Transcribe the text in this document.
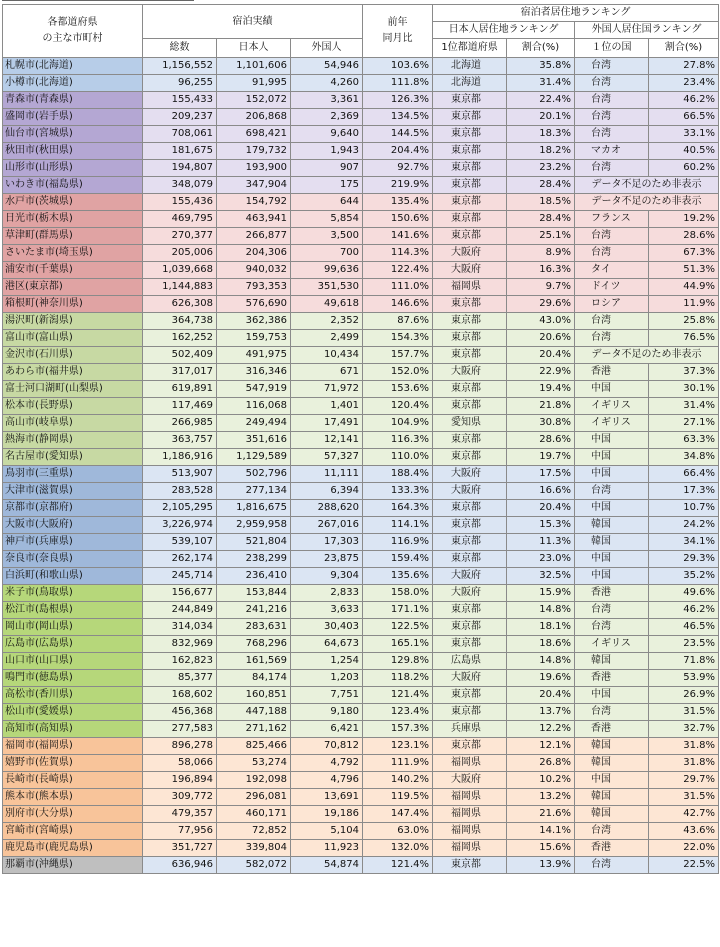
各都道府県
の主な市町村	宿泊実績			前年
同月比	宿泊者居住地ランキング			
					日本人居住地ランキング		外国人居住国ランキング	
	総数	日本人	外国人		1位都道府県	割合(%)	１位の国	割合(%)
札幌市(北海道)	1,156,552	1,101,606	54,946	103.6%	北海道	35.8%	台湾	27.8%
小樽市(北海道)	96,255	91,995	4,260	111.8%	北海道	31.4%	台湾	23.4%
青森市(青森県)	155,433	152,072	3,361	126.3%	東京都	22.4%	台湾	46.2%
盛岡市(岩手県)	209,237	206,868	2,369	134.5%	東京都	20.1%	台湾	66.5%
仙台市(宮城県)	708,061	698,421	9,640	144.5%	東京都	18.3%	台湾	33.1%
秋田市(秋田県)	181,675	179,732	1,943	204.4%	東京都	18.2%	マカオ	40.5%
山形市(山形県)	194,807	193,900	907	92.7%	東京都	23.2%	台湾	60.2%
いわき市(福島県)	348,079	347,904	175	219.9%	東京都	28.4%	データ不足のため非表示	
水戸市(茨城県)	155,436	154,792	644	135.4%	東京都	18.5%	データ不足のため非表示	
日光市(栃木県)	469,795	463,941	5,854	150.6%	東京都	28.4%	フランス	19.2%
草津町(群馬県)	270,377	266,877	3,500	141.6%	東京都	25.1%	台湾	28.6%
さいたま市(埼玉県)	205,006	204,306	700	114.3%	大阪府	8.9%	台湾	67.3%
浦安市(千葉県)	1,039,668	940,032	99,636	122.4%	大阪府	16.3%	タイ	51.3%
港区(東京都)	1,144,883	793,353	351,530	111.0%	福岡県	9.7%	ドイツ	44.9%
箱根町(神奈川県)	626,308	576,690	49,618	146.6%	東京都	29.6%	ロシア	11.9%
湯沢町(新潟県)	364,738	362,386	2,352	87.6%	東京都	43.0%	台湾	25.8%
富山市(富山県)	162,252	159,753	2,499	154.3%	東京都	20.6%	台湾	76.5%
金沢市(石川県)	502,409	491,975	10,434	157.7%	東京都	20.4%	データ不足のため非表示	
あわら市(福井県)	317,017	316,346	671	152.0%	大阪府	22.9%	香港	37.3%
富士河口湖町(山梨県)	619,891	547,919	71,972	153.6%	東京都	19.4%	中国	30.1%
松本市(長野県)	117,469	116,068	1,401	120.4%	東京都	21.8%	イギリス	31.4%
高山市(岐阜県)	266,985	249,494	17,491	104.9%	愛知県	30.8%	イギリス	27.1%
熱海市(静岡県)	363,757	351,616	12,141	116.3%	東京都	28.6%	中国	63.3%
名古屋市(愛知県)	1,186,916	1,129,589	57,327	110.0%	東京都	19.7%	中国	34.8%
鳥羽市(三重県)	513,907	502,796	11,111	188.4%	大阪府	17.5%	中国	66.4%
大津市(滋賀県)	283,528	277,134	6,394	133.3%	大阪府	16.6%	台湾	17.3%
京都市(京都府)	2,105,295	1,816,675	288,620	164.3%	東京都	20.4%	中国	10.7%
大阪市(大阪府)	3,226,974	2,959,958	267,016	114.1%	東京都	15.3%	韓国	24.2%
神戸市(兵庫県)	539,107	521,804	17,303	116.9%	東京都	11.3%	韓国	34.1%
奈良市(奈良県)	262,174	238,299	23,875	159.4%	東京都	23.0%	中国	29.3%
白浜町(和歌山県)	245,714	236,410	9,304	135.6%	大阪府	32.5%	中国	35.2%
米子市(鳥取県)	156,677	153,844	2,833	158.0%	大阪府	15.9%	香港	49.6%
松江市(島根県)	244,849	241,216	3,633	171.1%	東京都	14.8%	台湾	46.2%
岡山市(岡山県)	314,034	283,631	30,403	122.5%	東京都	18.1%	台湾	46.5%
広島市(広島県)	832,969	768,296	64,673	165.1%	東京都	18.6%	イギリス	23.5%
山口市(山口県)	162,823	161,569	1,254	129.8%	広島県	14.8%	韓国	71.8%
鳴門市(徳島県)	85,377	84,174	1,203	118.2%	大阪府	19.6%	香港	53.9%
高松市(香川県)	168,602	160,851	7,751	121.4%	東京都	20.4%	中国	26.9%
松山市(愛媛県)	456,368	447,188	9,180	123.4%	東京都	13.7%	台湾	31.5%
高知市(高知県)	277,583	271,162	6,421	157.3%	兵庫県	12.2%	香港	32.7%
福岡市(福岡県)	896,278	825,466	70,812	123.1%	東京都	12.1%	韓国	31.8%
嬉野市(佐賀県)	58,066	53,274	4,792	111.9%	福岡県	26.8%	韓国	31.8%
長崎市(長崎県)	196,894	192,098	4,796	140.2%	大阪府	10.2%	中国	29.7%
熊本市(熊本県)	309,772	296,081	13,691	119.5%	福岡県	13.2%	韓国	31.5%
別府市(大分県)	479,357	460,171	19,186	147.4%	福岡県	21.6%	韓国	42.7%
宮崎市(宮崎県)	77,956	72,852	5,104	63.0%	福岡県	14.1%	台湾	43.6%
鹿児島市(鹿児島県)	351,727	339,804	11,923	132.0%	福岡県	15.6%	香港	22.0%
那覇市(沖縄県)	636,946	582,072	54,874	121.4%	東京都	13.9%	台湾	22.5%
